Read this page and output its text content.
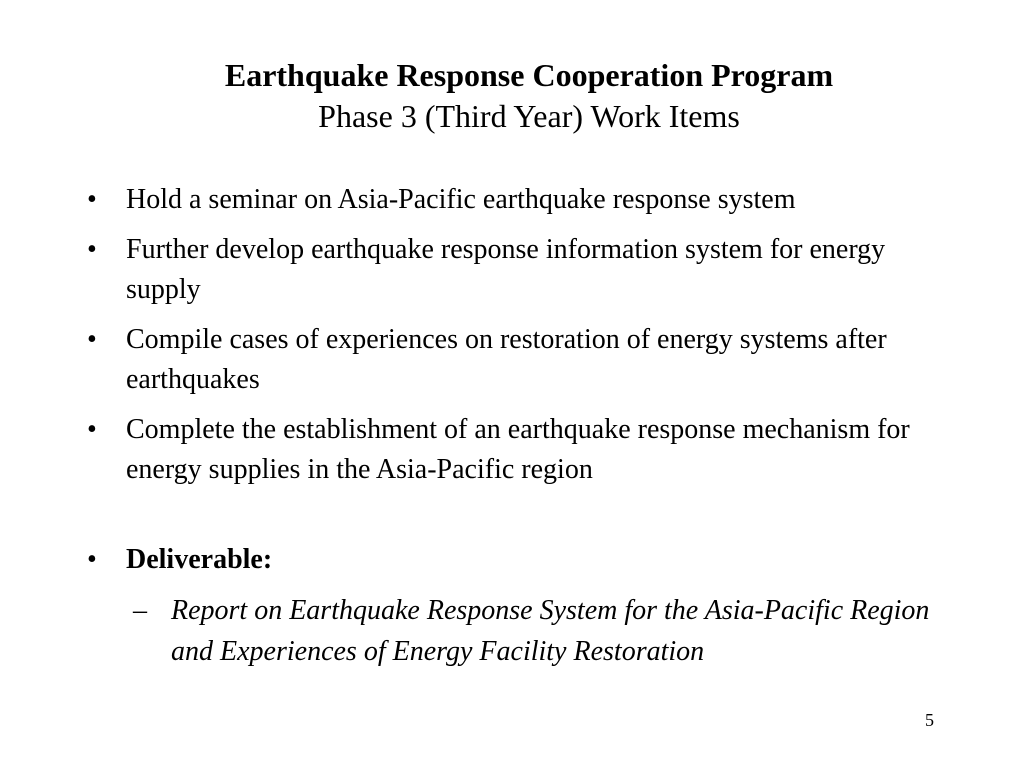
Earthquake Response Cooperation Program
Phase 3 (Third Year) Work Items
• Hold a seminar on Asia-Pacific earthquake response system
• Further develop earthquake response information system for energy supply
• Compile cases of experiences on restoration of energy systems after earthquakes
• Complete the establishment of an earthquake response mechanism for energy supplies in the Asia-Pacific region
• Deliverable:
– Report on Earthquake Response System for the Asia-Pacific Region and Experiences of Energy Facility Restoration
5
